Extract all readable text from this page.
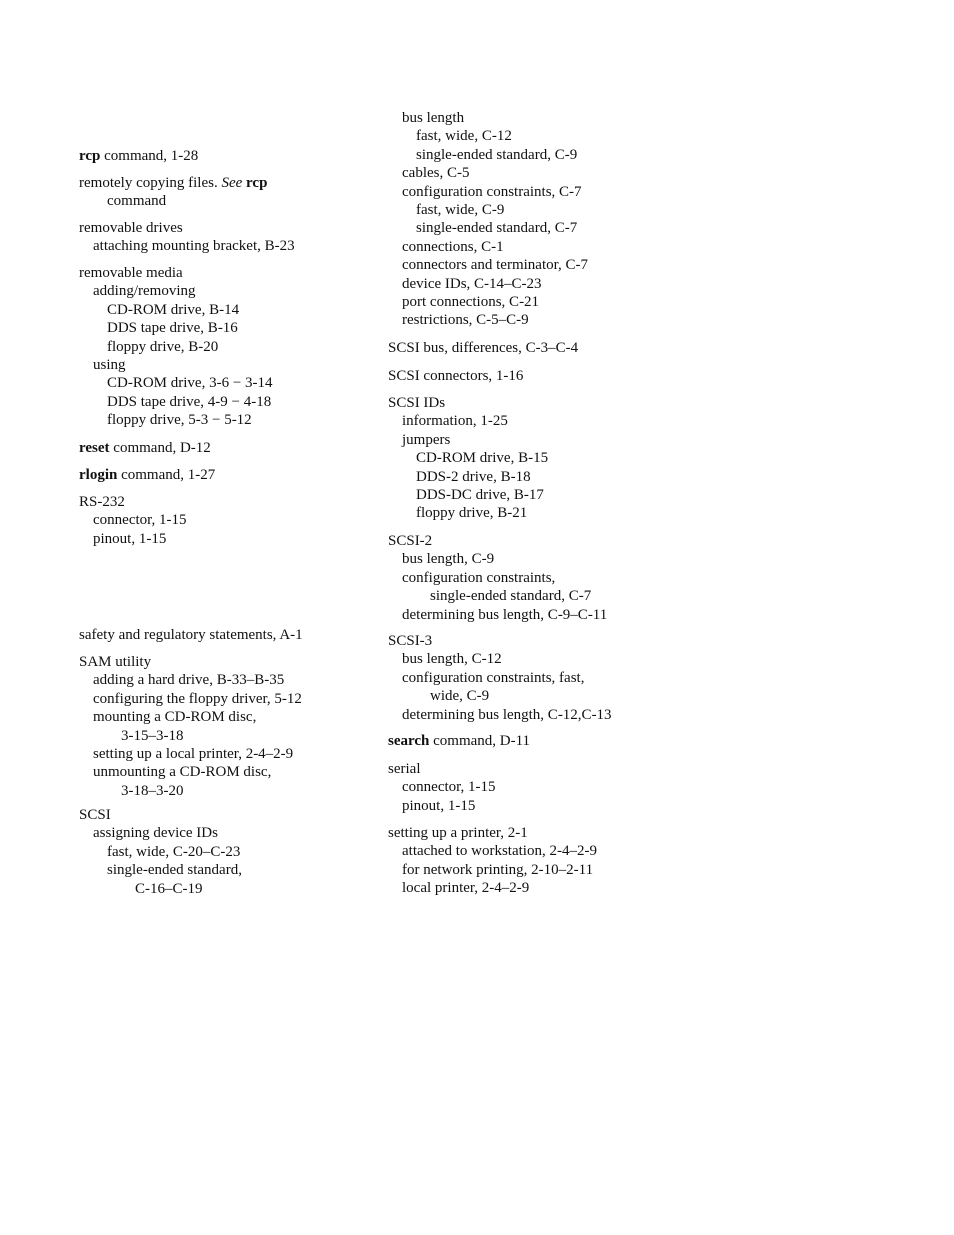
rcp command, 1-28
remotely copying files. See rcp
command
removable drives
attaching mounting bracket, B-23
removable media
adding/removing
CD-ROM drive, B-14
DDS tape drive, B-16
floppy drive, B-20
using
CD-ROM drive, 3-6 − 3-14
DDS tape drive, 4-9 − 4-18
floppy drive, 5-3 − 5-12
reset command, D-12
rlogin command, 1-27
RS-232
connector, 1-15
pinout, 1-15
safety and regulatory statements, A-1
SAM utility
adding a hard drive, B-33–B-35
configuring the floppy driver, 5-12
mounting a CD-ROM disc,
3-15–3-18
setting up a local printer, 2-4–2-9
unmounting a CD-ROM disc,
3-18–3-20
SCSI
assigning device IDs
fast, wide, C-20–C-23
single-ended standard,
C-16–C-19
bus length
fast, wide, C-12
single-ended standard, C-9
cables, C-5
configuration constraints, C-7
fast, wide, C-9
single-ended standard, C-7
connections, C-1
connectors and terminator, C-7
device IDs, C-14–C-23
port connections, C-21
restrictions, C-5–C-9
SCSI bus, differences, C-3–C-4
SCSI connectors, 1-16
SCSI IDs
information, 1-25
jumpers
CD-ROM drive, B-15
DDS-2 drive, B-18
DDS-DC drive, B-17
floppy drive, B-21
SCSI-2
bus length, C-9
configuration constraints,
single-ended standard, C-7
determining bus length, C-9–C-11
SCSI-3
bus length, C-12
configuration constraints, fast,
wide, C-9
determining bus length, C-12,C-13
search command, D-11
serial
connector, 1-15
pinout, 1-15
setting up a printer, 2-1
attached to workstation, 2-4–2-9
for network printing, 2-10–2-11
local printer, 2-4–2-9
